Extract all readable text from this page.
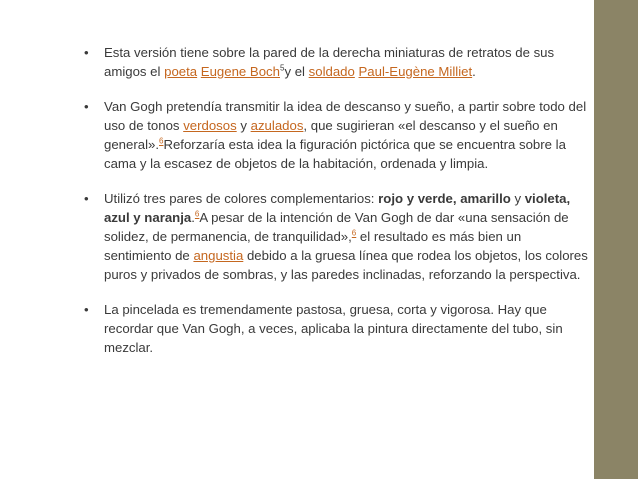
• Esta versión tiene sobre la pared de la derecha miniaturas de retratos de sus amigos el poeta Eugene Boch$^5$y el soldado Paul-Eugène Milliet.
• Van Gogh pretendía transmitir la idea de descanso y sueño, a partir sobre todo del uso de tonos verdosos y azulados, que sugirieran «el descanso y el sueño en general».$^6$Reforzaría esta idea la figuración pictórica que se encuentra sobre la cama y la escasez de objetos de la habitación, ordenada y limpia.
• Utilizó tres pares de colores complementarios: rojo y verde, amarillo y violeta, azul y naranja.$^6$A pesar de la intención de Van Gogh de dar «una sensación de solidez, de permanencia, de tranquilidad»,$^6$ el resultado es más bien un sentimiento de angustia debido a la gruesa línea que rodea los objetos, los colores puros y privados de sombras, y las paredes inclinadas, reforzando la perspectiva.
• La pincelada es tremendamente pastosa, gruesa, corta y vigorosa. Hay que recordar que Van Gogh, a veces, aplicaba la pintura directamente del tubo, sin mezclar.
